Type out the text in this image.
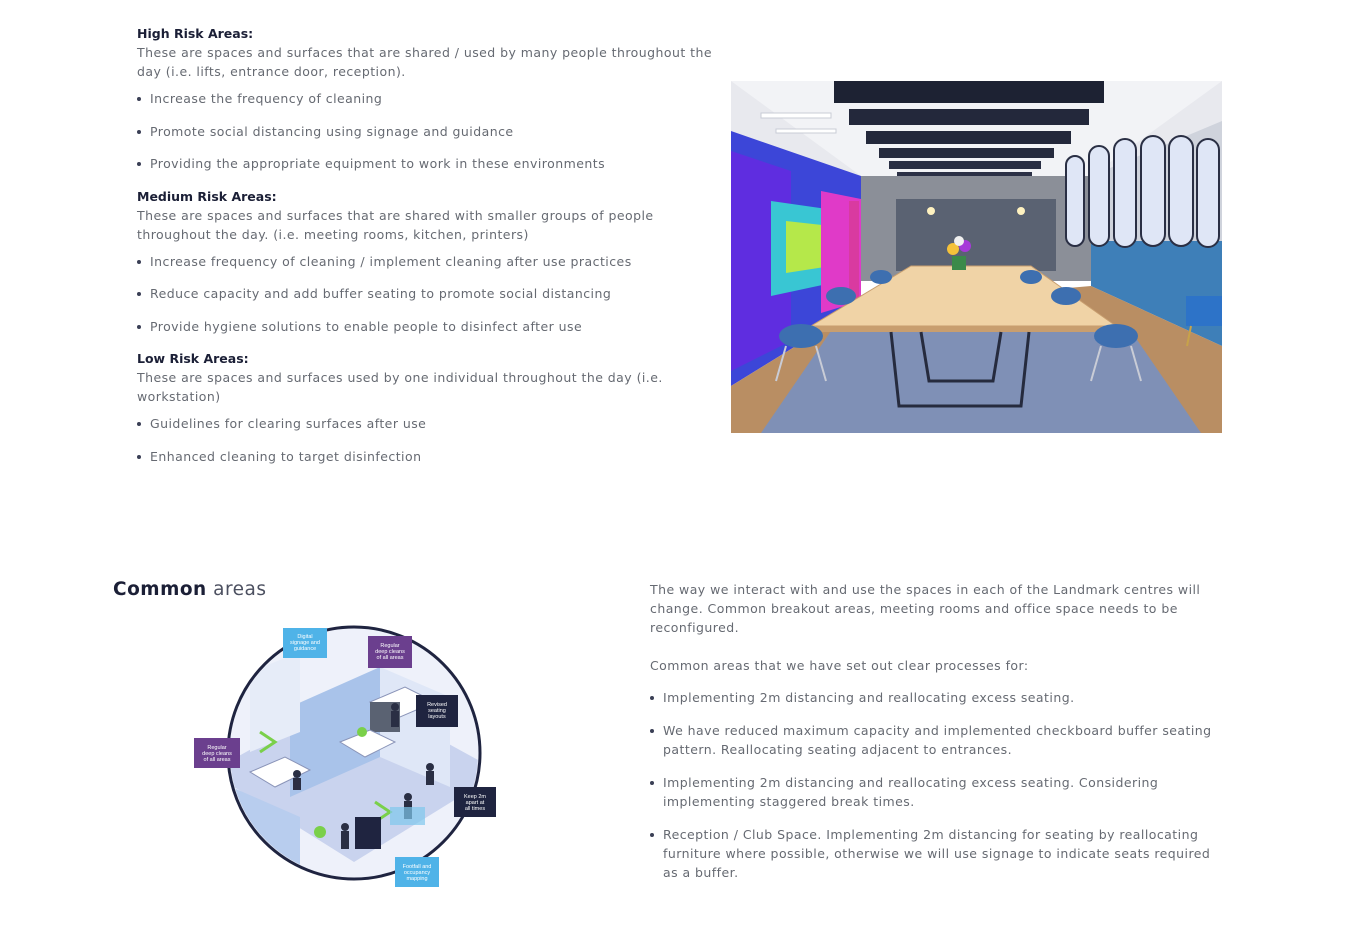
High Risk Areas:

These are spaces and surfaces that are shared / used by many people throughout the day (i.e. lifts, entrance door, reception).

Increase the frequency of cleaning
Promote social distancing using signage and guidance
Providing the appropriate equipment to work in these environments
Medium Risk Areas:

These are spaces and surfaces that are shared with smaller groups of people throughout the day. (i.e. meeting rooms, kitchen, printers)

Increase frequency of cleaning / implement cleaning after use practices
Reduce capacity and add buffer seating to promote social distancing
Provide hygiene solutions to enable people to disinfect after use
Low Risk Areas:

These are spaces and surfaces used by one individual throughout the day (i.e. workstation)

Guidelines for clearing surfaces after use
Enhanced cleaning to target disinfection
Common areas
Digital
signage and
guidance	Regular
deep cleans
of all areas
Revised
seating
layouts
Regular
deep cleans
of all areas
Keep 2m
apart at
all times
Footfall and
occupancy
mapping

The way we interact with and use the spaces in each of the Landmark centres will change. Common breakout areas, meeting rooms and office space needs to be reconfigured.

Common areas that we have set out clear processes for:

Implementing 2m distancing and reallocating excess seating.
We have reduced maximum capacity and implemented checkboard buffer seating pattern. Reallocating seating adjacent to entrances.
Implementing 2m distancing and reallocating excess seating. Considering implementing staggered break times.
Reception / Club Space. Implementing 2m distancing for seating by reallocating furniture where possible, otherwise we will use signage to indicate seats required as a buffer.
